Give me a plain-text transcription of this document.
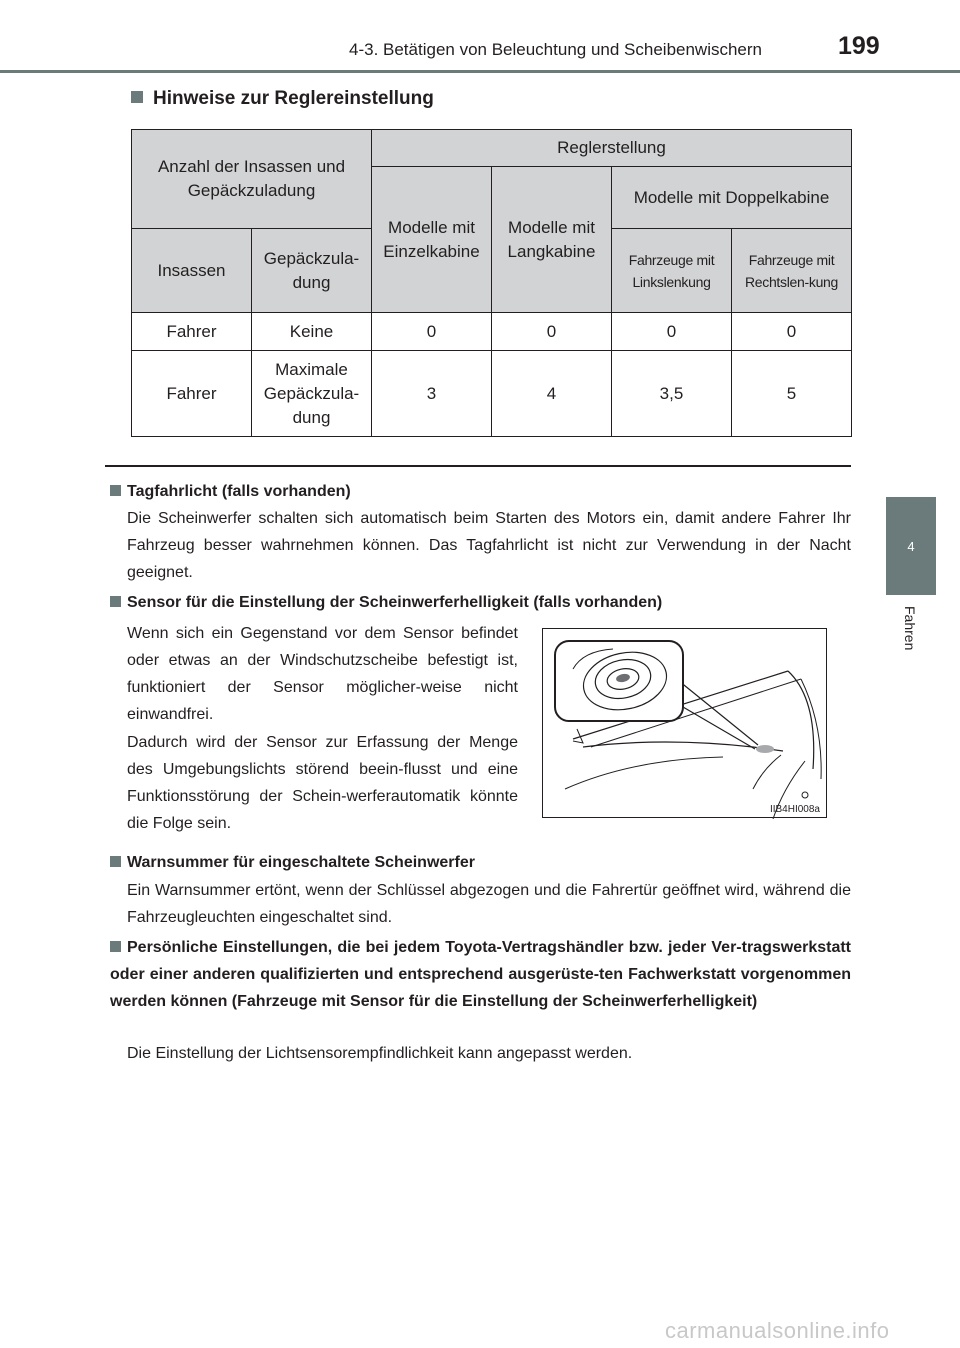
4-3. Betätigen von Beleuchtung und Scheibenwischern	199
4
Fahren
Hinweise zur Reglereinstellung
Anzahl der Insassen und Gepäckzuladung		Reglerstellung			
		Modelle mit Einzelkabine	Modelle mit Langkabine	Modelle mit Doppelkabine	
Insassen	Gepäckzula-dung			Fahrzeuge mit Linkslenkung	Fahrzeuge mit Rechtslen-kung
Fahrer	Keine	0	0	0	0
Fahrer	Maximale Gepäckzula-dung	3	4	3,5	5
Tagfahrlicht (falls vorhanden)
Die Scheinwerfer schalten sich automatisch beim Starten des Motors ein, damit andere Fahrer Ihr Fahrzeug besser wahrnehmen können. Das Tagfahrlicht ist nicht zur Verwendung in der Nacht geeignet.
Sensor für die Einstellung der Scheinwerferhelligkeit (falls vorhanden)
Wenn sich ein Gegenstand vor dem Sensor befindet oder etwas an der Windschutzscheibe befestigt ist, funktioniert der Sensor möglicher-weise nicht einwandfrei.
Dadurch wird der Sensor zur Erfassung der Menge des Umgebungslichts störend beein-flusst und eine Funktionsstörung der Schein-werferautomatik könnte die Folge sein.
IIB4HI008a
Warnsummer für eingeschaltete Scheinwerfer
Ein Warnsummer ertönt, wenn der Schlüssel abgezogen und die Fahrertür geöffnet wird, während die Fahrzeugleuchten eingeschaltet sind.
Persönliche Einstellungen, die bei jedem Toyota-Vertragshändler bzw. jeder Ver-tragswerkstatt oder einer anderen qualifizierten und entsprechend ausgerüste-ten Fachwerkstatt vorgenommen werden können (Fahrzeuge mit Sensor für die Einstellung der Scheinwerferhelligkeit)
Die Einstellung der Lichtsensorempfindlichkeit kann angepasst werden.
carmanualsonline.info
